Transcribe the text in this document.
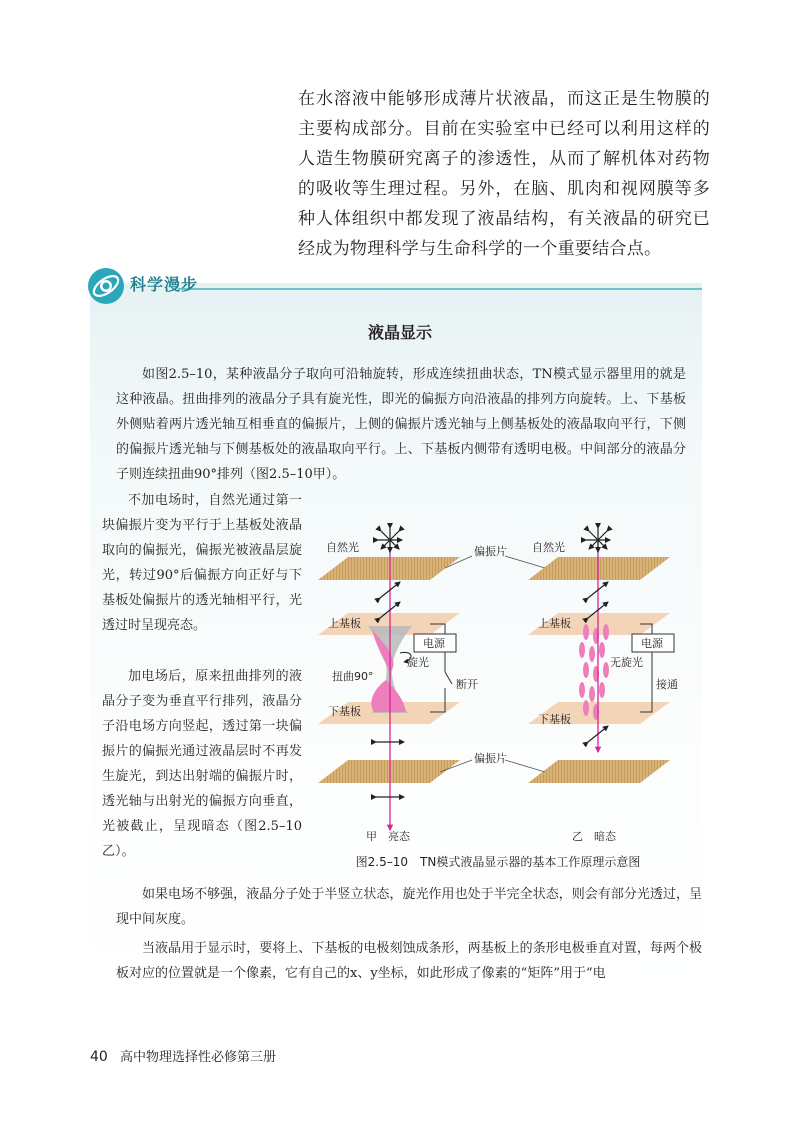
在水溶液中能够形成薄片状液晶，而这正是生物膜的主要构成部分。目前在实验室中已经可以利用这样的人造生物膜研究离子的渗透性，从而了解机体对药物的吸收等生理过程。另外，在脑、肌肉和视网膜等多种人体组织中都发现了液晶结构，有关液晶的研究已经成为物理科学与生命科学的一个重要结合点。

科学漫步
液晶显示

如图2.5–10，某种液晶分子取向可沿轴旋转，形成连续扭曲状态，TN模式显示器里用的就是这种液晶。扭曲排列的液晶分子具有旋光性，即光的偏振方向沿液晶的排列方向旋转。上、下基板外侧贴着两片透光轴互相垂直的偏振片，上侧的偏振片透光轴与上侧基板处的液晶取向平行，下侧的偏振片透光轴与下侧基板处的液晶取向平行。上、下基板内侧带有透明电极。中间部分的液晶分子则连续扭曲90°排列（图2.5–10甲）。

不加电场时，自然光通过第一块偏振片变为平行于上基板处液晶取向的偏振光，偏振光被液晶层旋光，转过90°后偏振方向正好与下基板处偏振片的透光轴相平行，光透过时呈现亮态。

加电场后，原来扭曲排列的液晶分子变为垂直平行排列，液晶分子沿电场方向竖起，透过第一块偏振片的偏振光通过液晶层时不再发生旋光，到达出射端的偏振片时，透光轴与出射光的偏振方向垂直，光被截止，呈现暗态（图2.5–10乙）。

自然光	自然光
偏振片
偏振片
上基板	上基板
下基板
下基板
电源	电源
旋光
扭曲90°
无旋光
断开	接通
甲　亮态	乙　暗态
图2.5–10　TN模式液晶显示器的基本工作原理示意图

如果电场不够强，液晶分子处于半竖立状态，旋光作用也处于半完全状态，则会有部分光透过，呈现中间灰度。

当液晶用于显示时，要将上、下基板的电极刻蚀成条形，两基板上的条形电极垂直对置，每两个极板对应的位置就是一个像素，它有自己的x、y坐标，如此形成了像素的“矩阵”用于“电

40 高中物理选择性必修第三册
